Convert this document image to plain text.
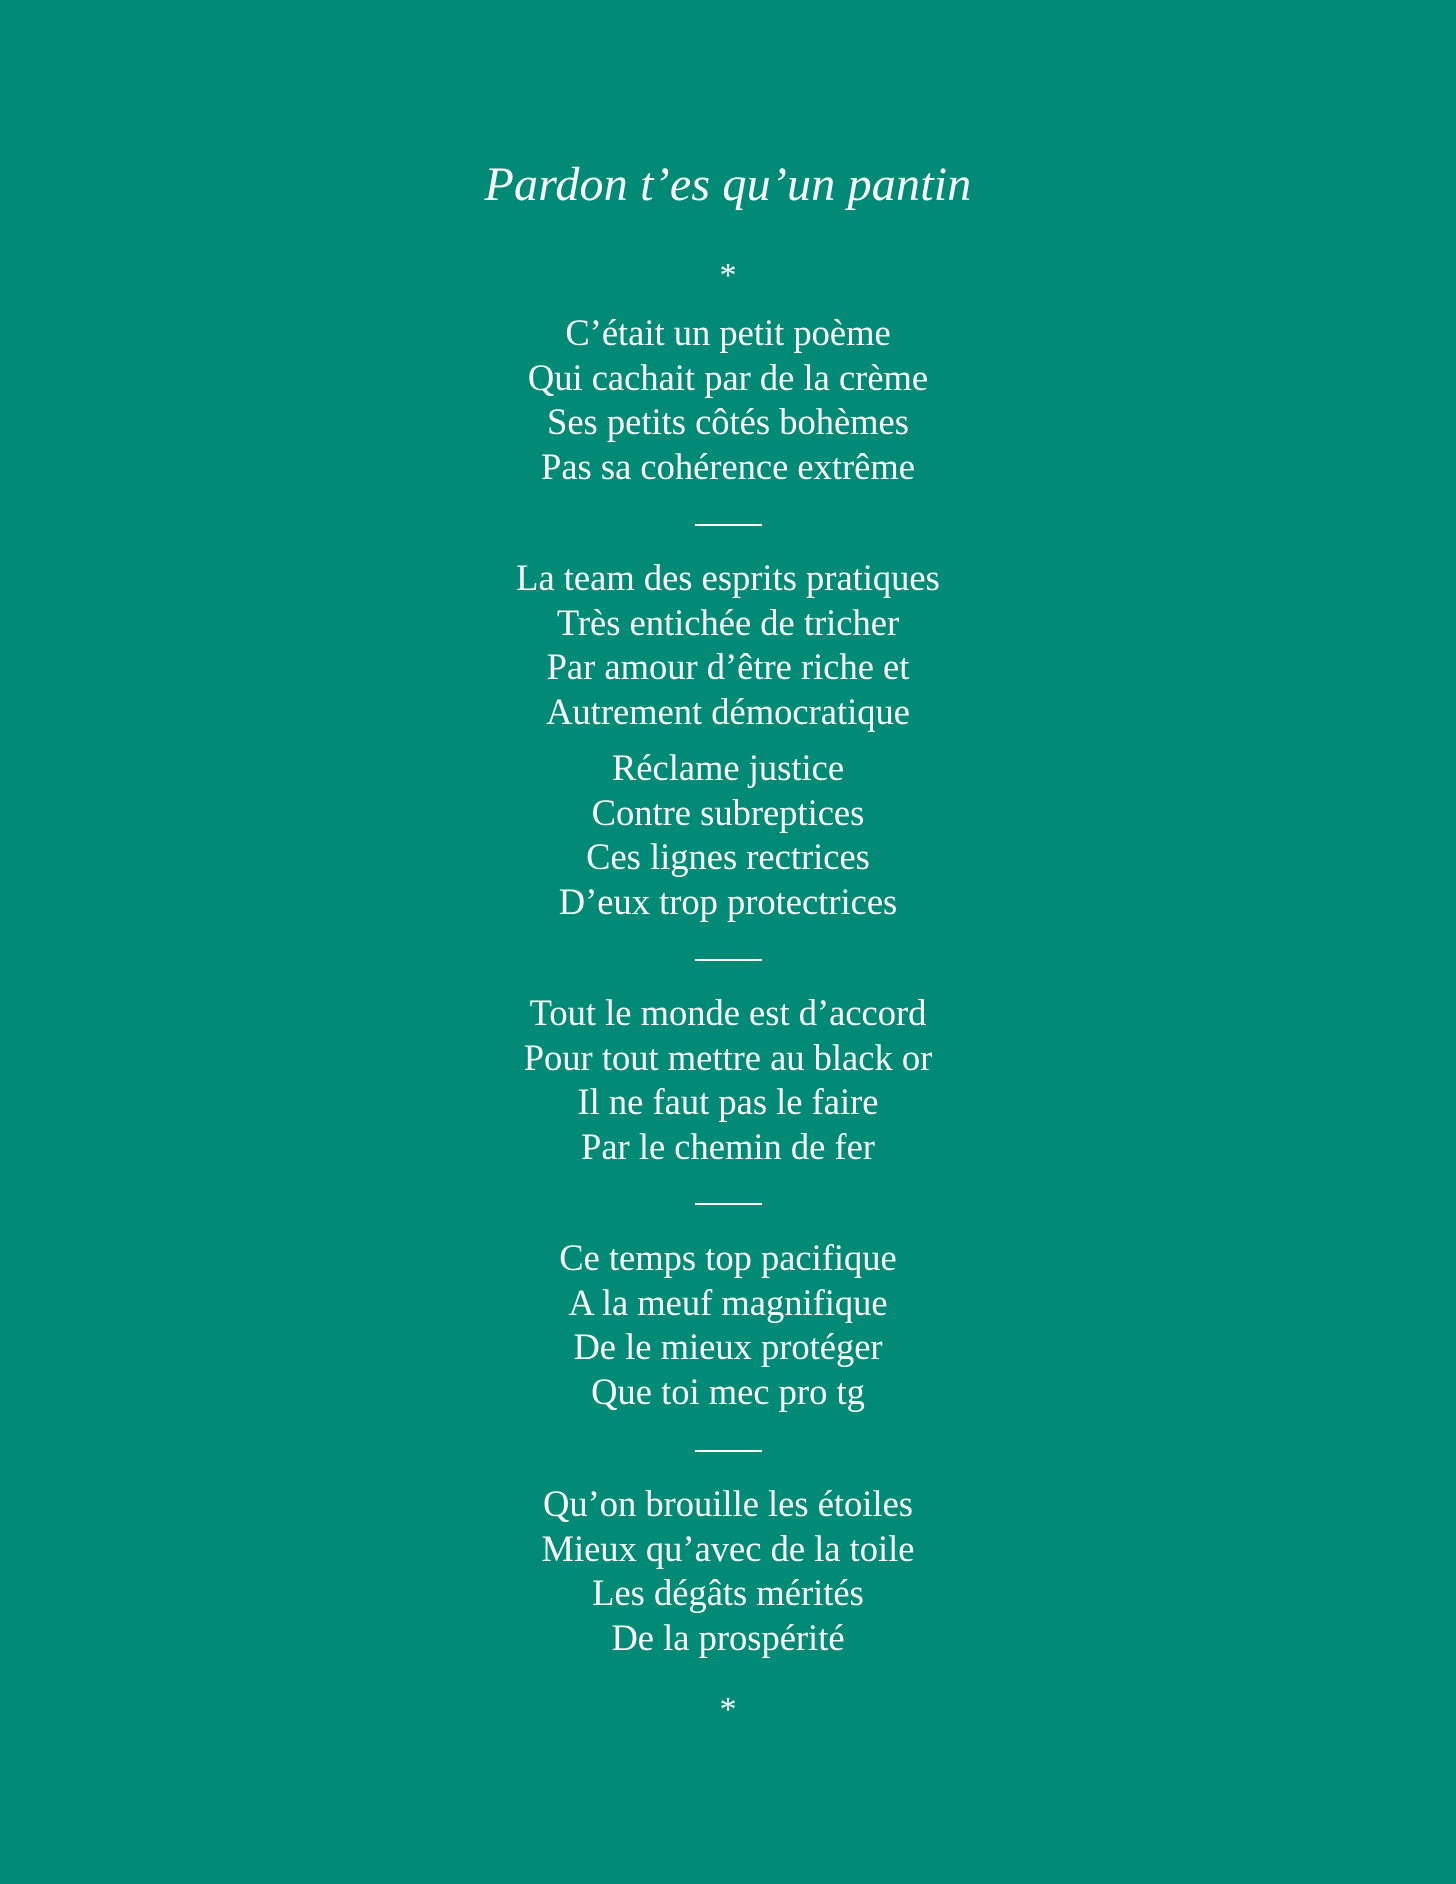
Pardon t’es qu’un pantin
*
C’était un petit poème
Qui cachait par de la crème
Ses petits côtés bohèmes
Pas sa cohérence extrême
La team des esprits pratiques
Très entichée de tricher
Par amour d’être riche et
Autrement démocratique
Réclame justice
Contre subreptices
Ces lignes rectrices
D’eux trop protectrices
Tout le monde est d’accord
Pour tout mettre au black or
Il ne faut pas le faire
Par le chemin de fer
Ce temps top pacifique
A la meuf magnifique
De le mieux protéger
Que toi mec pro tg
Qu’on brouille les étoiles
Mieux qu’avec de la toile
Les dégâts mérités
De la prospérité
*
